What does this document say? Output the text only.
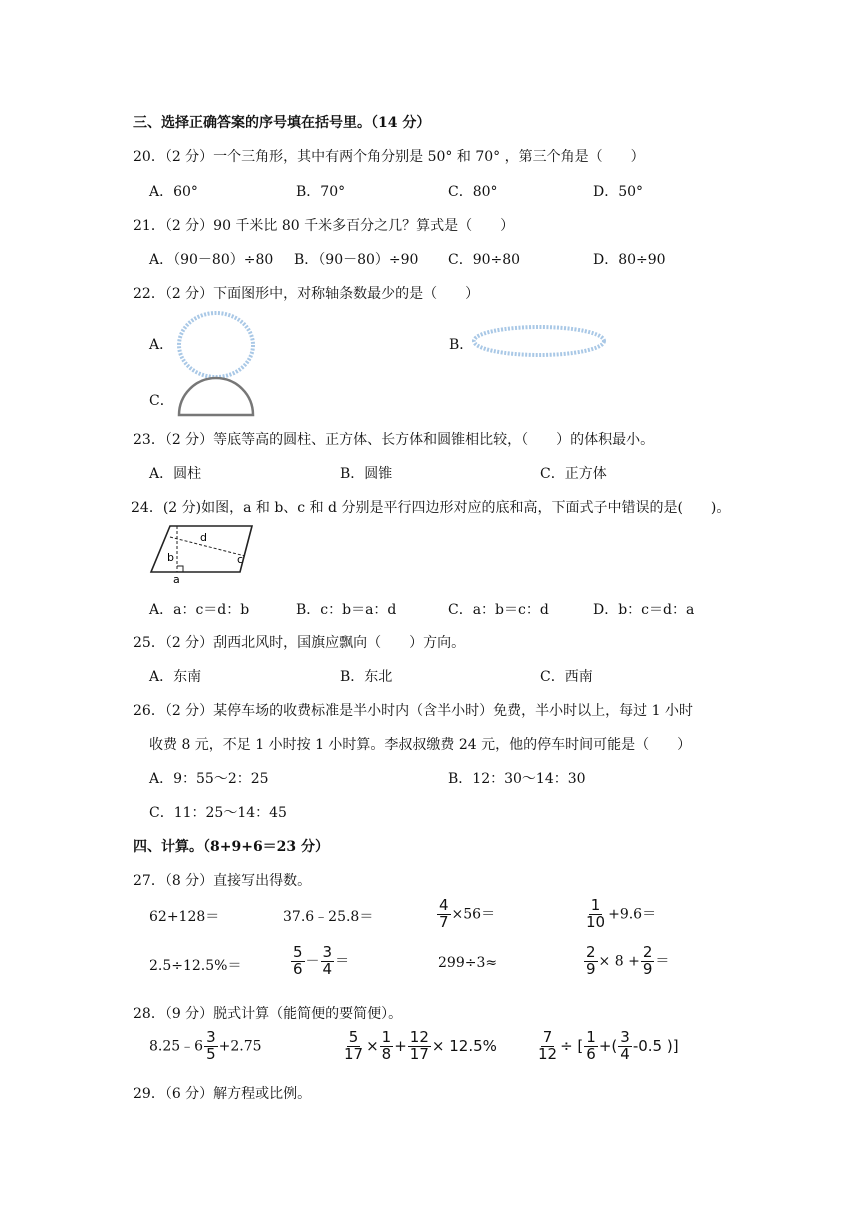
三、选择正确答案的序号填在括号里。（14 分）
20．（2 分）一个三角形，其中有两个角分别是 50° 和 70° ，第三个角是（　　）
A．60°	B．70°	C．80°	D．50°
21．（2 分）90 千米比 80 千米多百分之几？算式是（　　）
A．（90－80）÷80 B．（90－80）÷90 C．90÷80	D．80÷90
22．（2 分）下面图形中，对称轴条数最少的是（　　）
A．	B．
C．
23．（2 分）等底等高的圆柱、正方体、长方体和圆锥相比较，（　　）的体积最小。
A．圆柱	B．圆锥	C．正方体
24．(2 分)如图，a 和 b、c 和 d 分别是平行四边形对应的底和高，下面式子中错误的是(　　)。
d
b	c
a
A．a：c＝d：b	B．c：b＝a：d	C．a：b＝c：d	D．b：c＝d：a
25．（2 分）刮西北风时，国旗应飘向（　　）方向。
A．东南	B．东北	C．西南
26．（2 分）某停车场的收费标准是半小时内（含半小时）免费，半小时以上，每过 1 小时
收费 8 元，不足 1 小时按 1 小时算。李叔叔缴费 24 元，他的停车时间可能是（　　）
A．9：55～2：25	B．12：30～14：30
C．11：25～14：45
四、计算。（8+9+6＝23 分）
27．（8 分）直接写出得数。
62+128＝	37.6﹣25.8＝	$\frac{4}{7} \times 56=$	$\frac{1}{10} +9.6=$
2.5÷12.5%＝	$\frac{5}{6} - \frac{3}{4}$ ＝	299÷3≈	$\frac{2}{9} \times 8 + \frac{2}{9}$ ＝
28．（9 分）脱式计算（能简便的要简便）。
8.25﹣6 $\frac{3}{5} +2.75$	$\frac{5}{17} \times \frac{1}{8} + \frac{12}{17} \times 12.5\%$	$\frac{7}{12}$ ÷ [ $\frac{1}{6}$ +( $\frac{3}{4} -0.5$ )]
29．（6 分）解方程或比例。
